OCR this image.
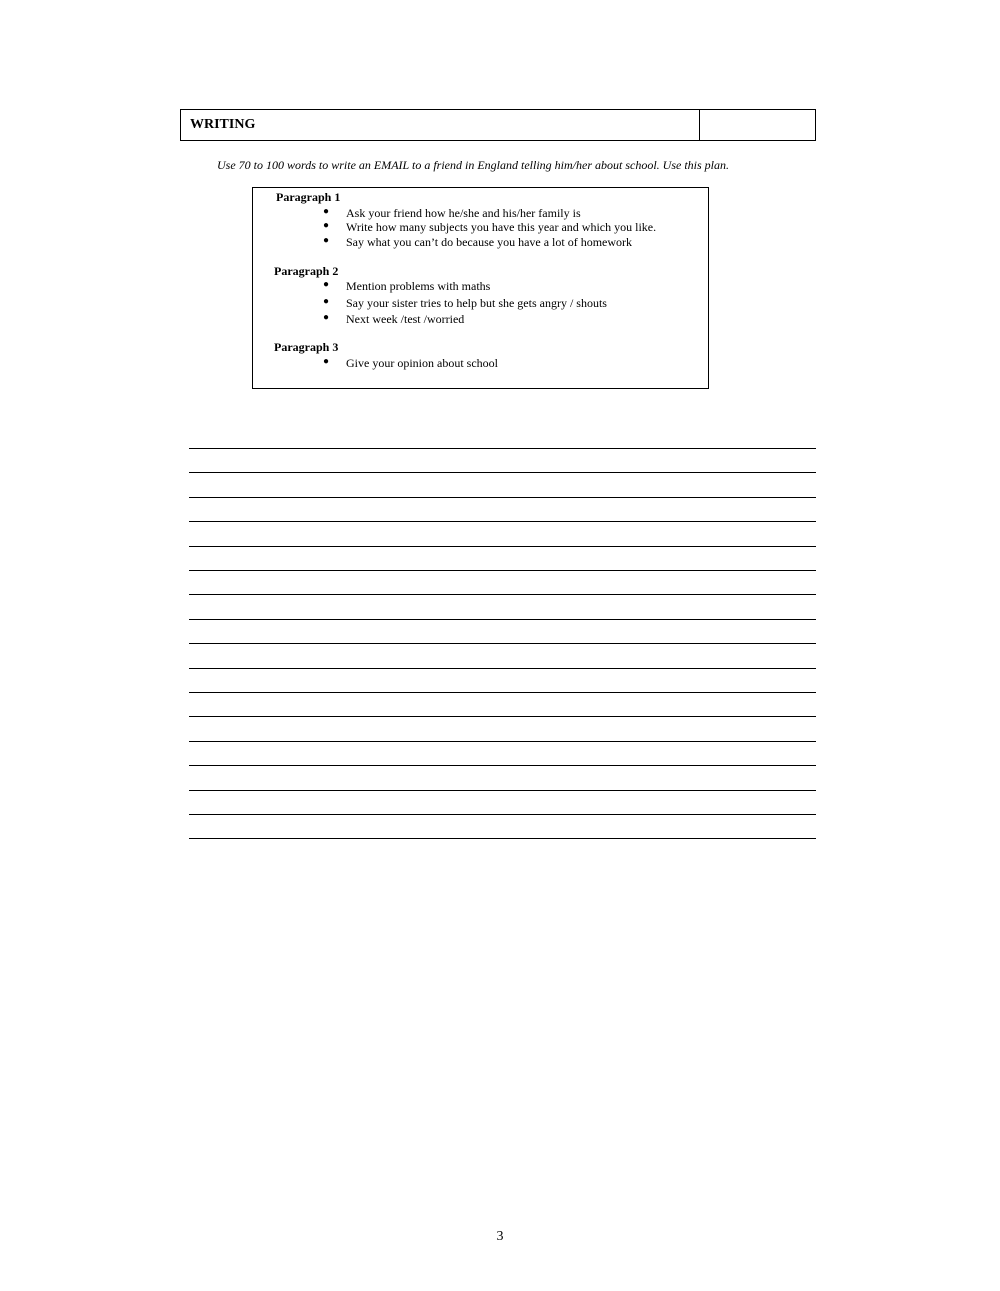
WRITING
Use 70 to 100 words to write an EMAIL to a friend in England telling him/her about school. Use this plan.
Paragraph 1
● Ask your friend how he/she and his/her family is
● Write how many subjects you have this year and which you like.
● Say what you can’t do because you have a lot of homework
Paragraph 2
● Mention problems with maths
● Say your sister tries to help but she gets angry / shouts
● Next week /test /worried
Paragraph 3
● Give your opinion about school
3
